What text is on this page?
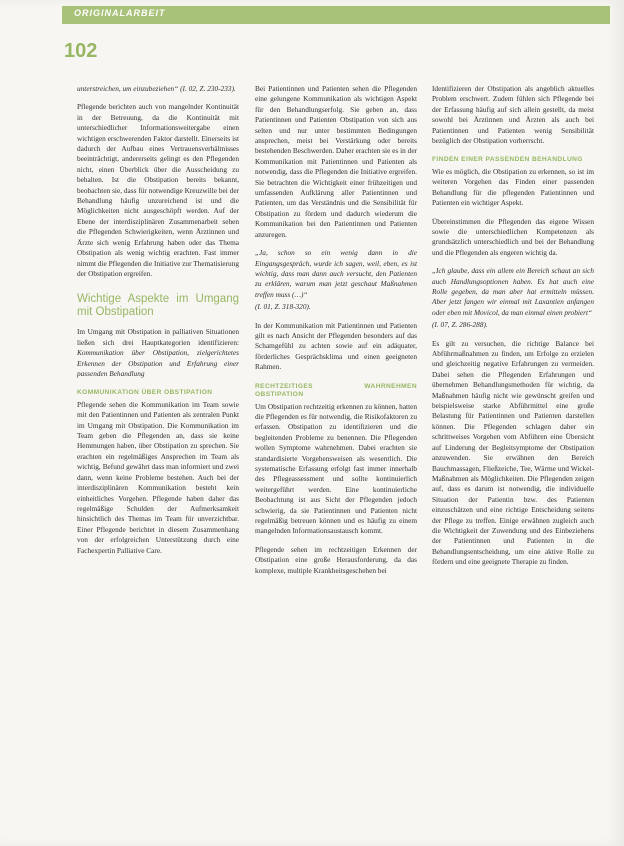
ORIGINALARBEIT
102

unterstreichen, um einzubeziehen“ (I. 02, Z. 230-233).

Pflegende berichten auch von mangelnder Kontinuität in der Betreuung, da die Kontinuität mit unterschiedlicher Informationsweitergabe einen wichtigen erschwerenden Faktor darstellt. Einerseits ist dadurch der Aufbau eines Vertrauensverhältnisses beeinträchtigt, andererseits gelingt es den Pflegenden nicht, einen Überblick über die Ausscheidung zu behalten. Ist die Obstipation bereits bekannt, beobachten sie, dass für notwendige Kreuzwille bei der Behandlung häufig unzureichend ist und die Möglichkeiten nicht ausgeschöpft werden. Auf der Ebene der interdisziplinären Zusammenarbeit sehen die Pflegenden Schwierigkeiten, wenn Ärztinnen und Ärzte sich wenig Erfahrung haben oder das Thema Obstipation als wenig wichtig erachten. Fast immer nimmt die Pflegenden die Initiative zur Thematisierung der Obstipation ergreifen.

Wichtige Aspekte im Umgang mit Obstipation

Im Umgang mit Obstipation in palliativen Situationen ließen sich drei Hauptkategorien identifizieren: Kommunikation über Obstipation, zielgerichtetes Erkennen der Obstipation und Erfahrung einer passenden Behandlung

KOMMUNIKATION ÜBER OBSTIPATION

Pflegende sehen die Kommunikation im Team sowie mit den Patientinnen und Patienten als zentralen Punkt im Umgang mit Obstipation. Die Kommunikation im Team geben die Pflegenden an, dass sie keine Hemmungen haben, über Obstipation zu sprechen. Sie erachten ein regelmäßiges Ansprechen im Team als wichtig, Befund gewährt dass man informiert und zwei dann, wenn keine Probleme bestehen. Auch bei der interdisziplinären Kommunikation besteht kein einheitliches Vorgehen. Pflegende haben daher das regelmäßige Schulden der Aufmerksamkeit hinsichtlich des Themas im Team für unverzichtbar. Einer Pflegende berichtet in diesem Zusammenhang von der erfolgreichen Unterstützung durch eine Fachexpertin Palliative Care.

Bei Patientinnen und Patienten sehen die Pflegenden eine gelungene Kommunikation als wichtigen Aspekt für den Behandlungserfolg. Sie geben an, dass Patientinnen und Patienten Obstipation von sich aus selten und nur unter bestimmten Bedingungen ansprechen, meist bei Verstärkung oder bereits bestehenden Beschwerden. Daher erachten sie es in der Kommunikation mit Patientinnen und Patienten als notwendig, dass die Pflegenden die Initiative ergreifen. Sie betrachten die Wichtigkeit einer frühzeitigen und umfassenden Aufklärung aller Patientinnen und Patienten, um das Verständnis und die Sensibilität für Obstipation zu fördern und dadurch wiederum die Kommunikation bei den Patientinnen und Patienten anzuregen.

„Ja, schon so ein wenig dann in die Eingangsgespräch, wurde ich sagen, weil, eben, es ist wichtig, dass man dann auch versucht, den Patienten zu erklären, warum man jetzt geschaut Maßnahmen treffen muss (…)“

(I. 01, Z. 318-320).

In der Kommunikation mit Patientinnen und Patienten gilt es nach Ansicht der Pflegenden besonders auf das Schamgefühl zu achten sowie auf ein adäquater, förderliches Gesprächsklima und einen geeigneten Rahmen.

RECHTZEITIGES WAHRNEHMEN OBSTIPATION

Um Obstipation rechtzeitig erkennen zu können, hatten die Pflegenden es für notwendig, die Risikofaktoren zu erfassen. Obstipation zu identifizieren und die begleitenden Probleme zu benennen. Die Pflegenden wollen Symptome wahrnehmen. Dabei erachten sie standardisierte Vorgehensweisen als wesentlich. Die systematische Erfassung erfolgt fast immer innerhalb des Pflegeassessment und sollte kontinuierlich weitergeführt werden. Eine kontinuierliche Beobachtung ist aus Sicht der Pflegenden jedoch schwierig, da sie Patientinnen und Patienten nicht regelmäßig betreuen können und es häufig zu einem mangelnden Informationsaustausch kommt.

Pflegende sehen im rechtzeitigen Erkennen der Obstipation eine große Herausforderung, da das komplexe, multiple Krankheitsgeschehen bei

Identifizieren der Obstipation als angeblich aktuelles Problem erschwert. Zudem fühlen sich Pflegende bei der Erfassung häufig auf sich allein gestellt, da meist sowohl bei Ärztinnen und Ärzten als auch bei Patientinnen und Patienten wenig Sensibilität bezüglich der Obstipation vorherrscht.

FINDEN EINER PASSENDEN BEHANDLUNG

Wie es möglich, die Obstipation zu erkennen, so ist im weiteren Vorgehen das Finden einer passenden Behandlung für die pflegenden Patientinnen und Patienten ein wichtiger Aspekt.

Übereinstimmen die Pflegenden das eigene Wissen sowie die unterschiedlichen Kompetenzen als grundsätzlich unterschiedlich und bei der Behandlung und die Pflegenden als engeren wichtig da.

„Ich glaube, dass ein allem ein Bereich schaut an sich auch Handlungsoptionen haben. Es hat auch eine Rolle gegeben, da man aber hat ermitteln müssen. Aber jetzt fangen wir einmal mit Laxantien anfangen oder eben mit Movicol, da man einmal einen probiert“

(I. 07, Z. 286-288).

Es gilt zu versuchen, die richtige Balance bei Abführmaßnahmen zu finden, um Erfolge zu erzielen und gleichzeitig negative Erfahrungen zu vermeiden. Dabei sehen die Pflegenden Erfahrungen und übernehmen Behandlungsmethoden für wichtig, da Maßnahmen häufig nicht wie gewünscht greifen und beispielsweise starke Abführmittel eine große Belastung für Patientinnen und Patienten darstellen können. Die Pflegenden schlagen daher ein schrittweises Vorgehen vom Abführen eine Übersicht auf Linderung der Begleitsymptome der Obstipation anzuwenden. Sie erwähnen den Bereich Bauchmassagen, Fließzeiche, Tee, Wärme und Wickel-Maßnahmen als Möglichkeiten. Die Pflegenden zeigen auf, dass es darum ist notwendig, die individuelle Situation der Patientin bzw. des Patienten einzuschätzen und eine richtige Entscheidung seitens der Pflege zu treffen. Einige erwähnen zugleich auch die Wichtigkeit der Zuwendung und des Einbeziehens der Patientinnen und Patienten in die Behandlungsentscheidung, um eine aktive Rolle zu fördern und eine geeignete Therapie zu finden.
